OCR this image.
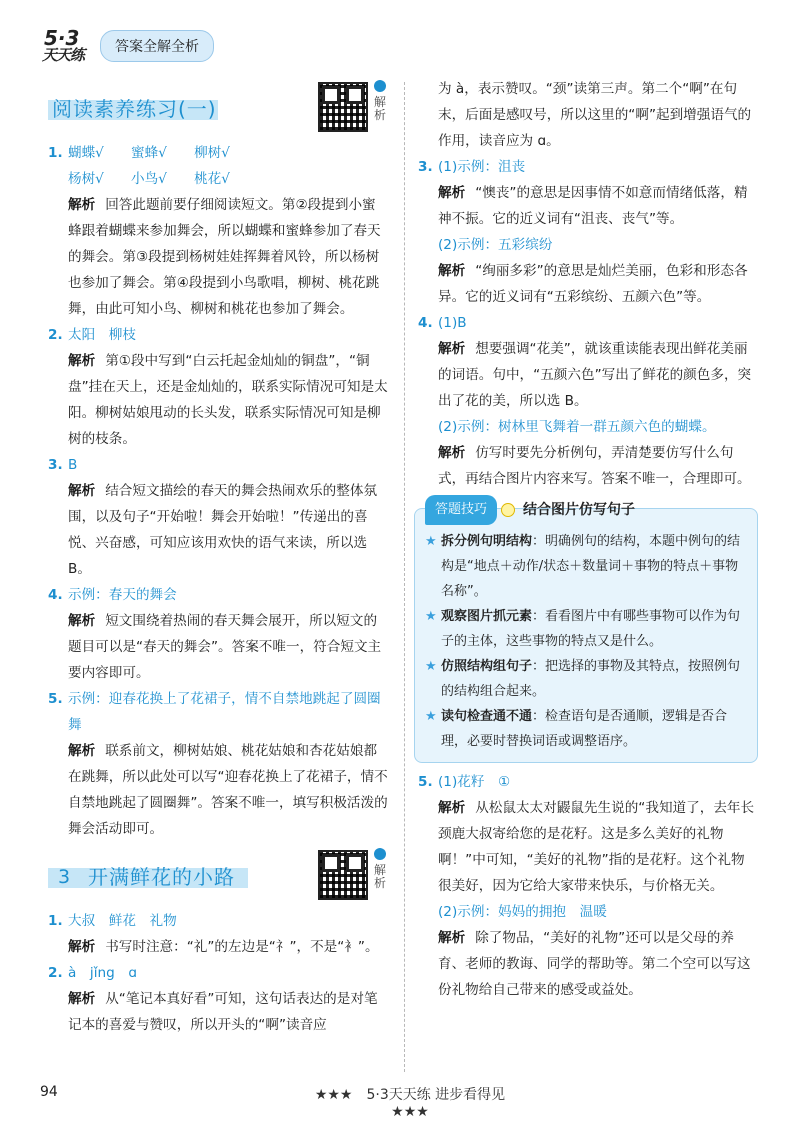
5·3
天天练	答案全解全析
阅读素养练习(一)	解析
1. 蝴蝶√　　蜜蜂√　　柳树√
杨树√　　小鸟√　　桃花√
解析 回答此题前要仔细阅读短文。第②段提到小蜜蜂跟着蝴蝶来参加舞会，所以蝴蝶和蜜蜂参加了春天的舞会。第③段提到杨树娃娃挥舞着风铃，所以杨树也参加了舞会。第④段提到小鸟歌唱，柳树、桃花跳舞，由此可知小鸟、柳树和桃花也参加了舞会。
2. 太阳　柳枝
解析 第①段中写到“白云托起金灿灿的铜盘”，“铜盘”挂在天上，还是金灿灿的，联系实际情况可知是太阳。柳树姑娘甩动的长头发，联系实际情况可知是柳树的枝条。
3. B
解析 结合短文描绘的春天的舞会热闹欢乐的整体氛围，以及句子“开始啦！舞会开始啦！”传递出的喜悦、兴奋感，可知应该用欢快的语气来读，所以选 B。
4. 示例：春天的舞会
解析 短文围绕着热闹的春天舞会展开，所以短文的题目可以是“春天的舞会”。答案不唯一，符合短文主要内容即可。
5. 示例：迎春花换上了花裙子，情不自禁地跳起了圆圈舞
解析 联系前文，柳树姑娘、桃花姑娘和杏花姑娘都在跳舞，所以此处可以写“迎春花换上了花裙子，情不自禁地跳起了圆圈舞”。答案不唯一，填写积极活泼的舞会活动即可。
3 开满鲜花的小路	解析
1. 大叔　鲜花　礼物
解析 书写时注意：“礼”的左边是“礻”，不是“衤”。
2. à　jǐng　ɑ
解析 从“笔记本真好看”可知，这句话表达的是对笔记本的喜爱与赞叹，所以开头的“啊”读音应
为 à，表示赞叹。“颈”读第三声。第二个“啊”在句末，后面是感叹号，所以这里的“啊”起到增强语气的作用，读音应为 ɑ。
3. (1)示例：沮丧
解析 “懊丧”的意思是因事情不如意而情绪低落，精神不振。它的近义词有“沮丧、丧气”等。
(2)示例：五彩缤纷
解析 “绚丽多彩”的意思是灿烂美丽，色彩和形态各异。它的近义词有“五彩缤纷、五颜六色”等。
4. (1)B
解析 想要强调“花美”，就该重读能表现出鲜花美丽的词语。句中，“五颜六色”写出了鲜花的颜色多，突出了花的美，所以选 B。
(2)示例：树林里飞舞着一群五颜六色的蝴蝶。
解析 仿写时要先分析例句，弄清楚要仿写什么句式，再结合图片内容来写。答案不唯一，合理即可。
答题技巧	结合图片仿写句子
★ 拆分例句明结构：明确例句的结构，本题中例句的结构是“地点＋动作/状态＋数量词＋事物的特点＋事物名称”。
★ 观察图片抓元素：看看图片中有哪些事物可以作为句子的主体，这些事物的特点又是什么。
★ 仿照结构组句子：把选择的事物及其特点，按照例句的结构组合起来。
★ 读句检查通不通：检查语句是否通顺，逻辑是否合理，必要时替换词语或调整语序。
5. (1)花籽　①
解析 从松鼠太太对鼹鼠先生说的“我知道了，去年长颈鹿大叔寄给您的是花籽。这是多么美好的礼物啊！”中可知，“美好的礼物”指的是花籽。这个礼物很美好，因为它给大家带来快乐，与价格无关。
(2)示例：妈妈的拥抱　温暖
解析 除了物品，“美好的礼物”还可以是父母的养育、老师的教诲、同学的帮助等。第二个空可以写这份礼物给自己带来的感受或益处。
94	★★★　5·3天天练 进步看得见　★★★
